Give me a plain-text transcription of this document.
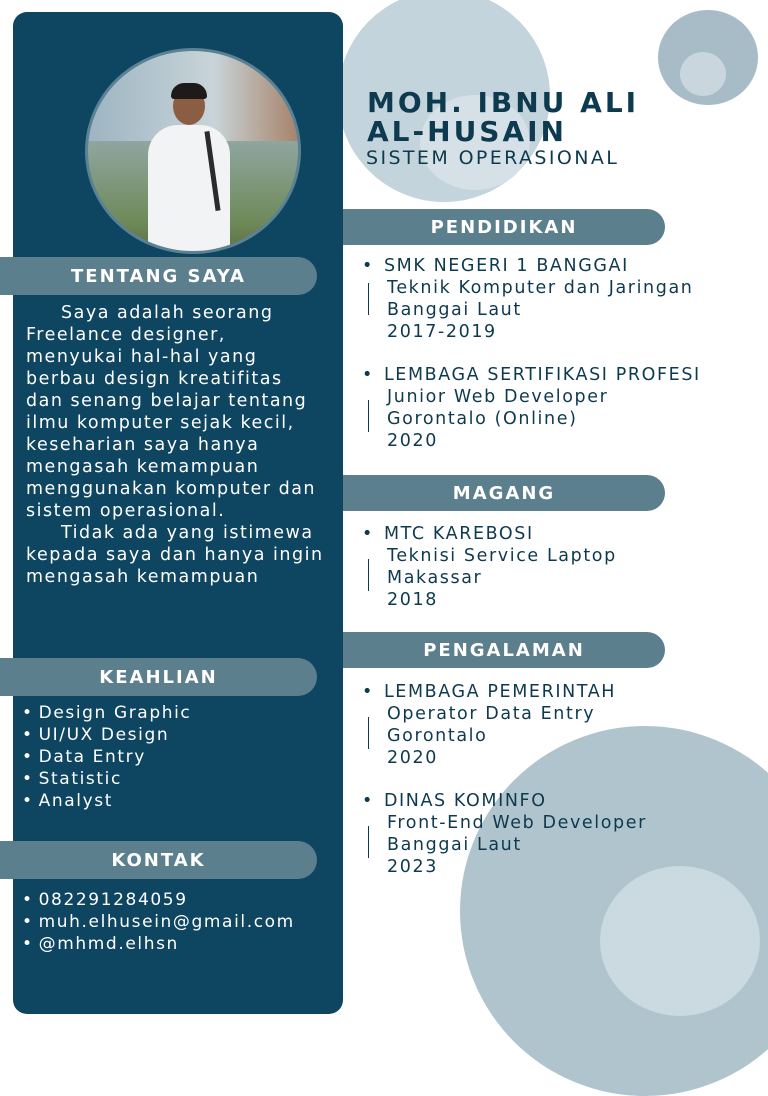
TENTANG SAYA

Saya adalah seorang Freelance designer, menyukai hal-hal yang berbau design kreatifitas dan senang belajar tentang ilmu komputer sejak kecil, keseharian saya hanya mengasah kemampuan menggunakan komputer dan sistem operasional.

Tidak ada yang istimewa kepada saya dan hanya ingin mengasah kemampuan

KEAHLIAN
• Design Graphic
• UI/UX Design
• Data Entry
• Statistic
• Analyst
KONTAK
• 082291284059
• muh.elhusein@gmail.com
• @mhmd.elhsn
MOH. IBNU ALI
AL-HUSAIN
SISTEM OPERASIONAL
PENDIDIKAN
• SMK NEGERI 1 BANGGAI
Teknik Komputer dan Jaringan
Banggai Laut
2017-2019
• LEMBAGA SERTIFIKASI PROFESI
Junior Web Developer
Gorontalo (Online)
2020
MAGANG
• MTC KAREBOSI
Teknisi Service Laptop
Makassar
2018
PENGALAMAN
• LEMBAGA PEMERINTAH
Operator Data Entry
Gorontalo
2020
• DINAS KOMINFO
Front-End Web Developer
Banggai Laut
2023
